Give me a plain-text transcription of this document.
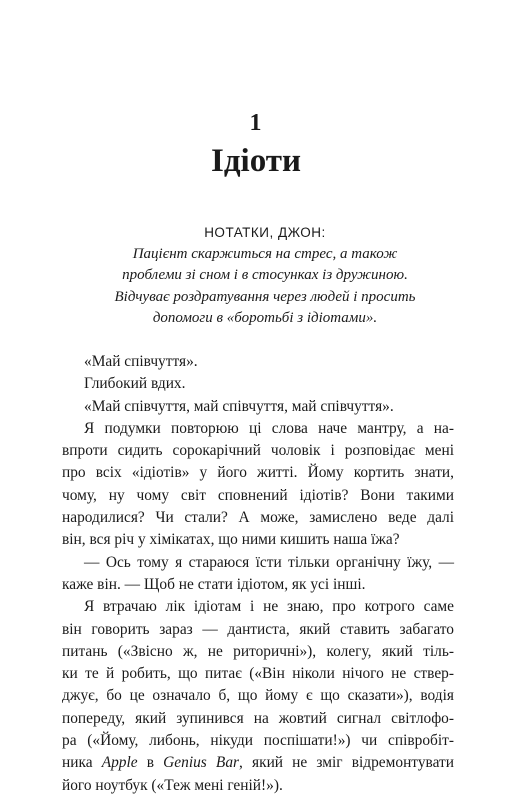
1
Ідіоти
НОТАТКИ, ДЖОН:
Пацієнт скаржиться на стрес, а також
проблеми зі сном і в стосунках із дружиною.
Відчуває роздратування через людей і просить
допомоги в «боротьбі з ідіотами».
«Май співчуття».
Глибокий вдих.
«Май співчуття, май співчуття, май співчуття».
Я подумки повторюю ці слова наче мантру, а на-
впроти сидить сорокарічний чоловік і розповідає мені
про всіх «ідіотів» у його житті. Йому кортить знати,
чому, ну чому світ сповнений ідіотів? Вони такими
народилися? Чи стали? А може, замислено веде далі
він, вся річ у хімікатах, що ними кишить наша їжа?
— Ось тому я стараюся їсти тільки органічну їжу, —
каже він. — Щоб не стати ідіотом, як усі інші.
Я втрачаю лік ідіотам і не знаю, про котрого саме
він говорить зараз — дантиста, який ставить забагато
питань («Звісно ж, не риторичні»), колегу, який тіль-
ки те й робить, що питає («Він ніколи нічого не ствер-
джує, бо це означало б, що йому є що сказати»), водія
попереду, який зупинився на жовтий сигнал світлофо-
ра («Йому, либонь, нікуди поспішати!») чи співробіт-
ника Apple в Genius Bar, який не зміг відремонтувати
його ноутбук («Теж мені геній!»).
